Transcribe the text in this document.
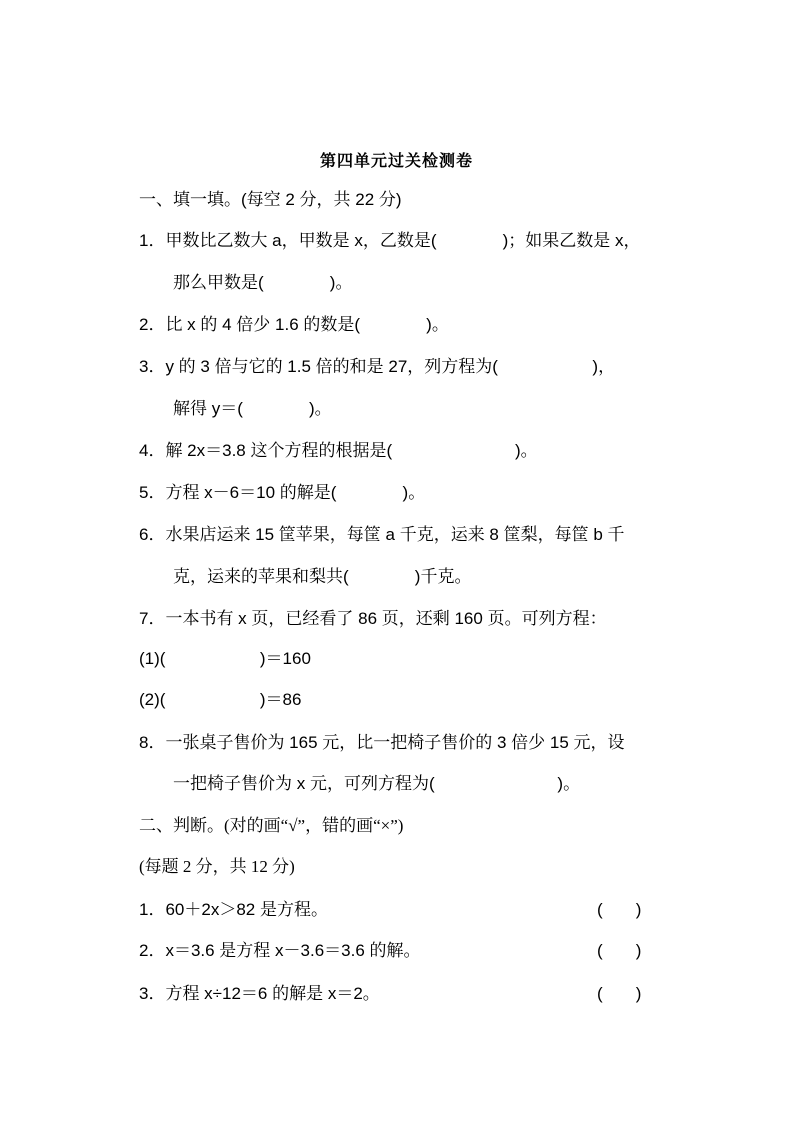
第四单元过关检测卷
一、填一填。(每空 2 分，共 22 分)
1．甲数比乙数大 a，甲数是 x，乙数是(              )；如果乙数是 x，
那么甲数是(              )。
2．比 x 的 4 倍少 1.6 的数是(              )。
3．y 的 3 倍与它的 1.5 倍的和是 27，列方程为(                    )，
解得 y＝(              )。
4．解 2x＝3.8 这个方程的根据是(                          )。
5．方程 x－6＝10 的解是(              )。
6．水果店运来 15 筐苹果，每筐 a 千克，运来 8 筐梨，每筐 b 千
克，运来的苹果和梨共(              )千克。
7．一本书有 x 页，已经看了 86 页，还剩 160 页。可列方程：
(1)(                    )＝160
(2)(                    )＝86
8．一张桌子售价为 165 元，比一把椅子售价的 3 倍少 15 元，设
一把椅子售价为 x 元，可列方程为(                          )。
二、判断。(对的画“√”，错的画“×”)
(每题 2 分，共 12 分)
1．60＋2x＞82 是方程。	(       )
2．x＝3.6 是方程 x－3.6＝3.6 的解。	(       )
3．方程 x÷12＝6 的解是 x＝2。	(       )
